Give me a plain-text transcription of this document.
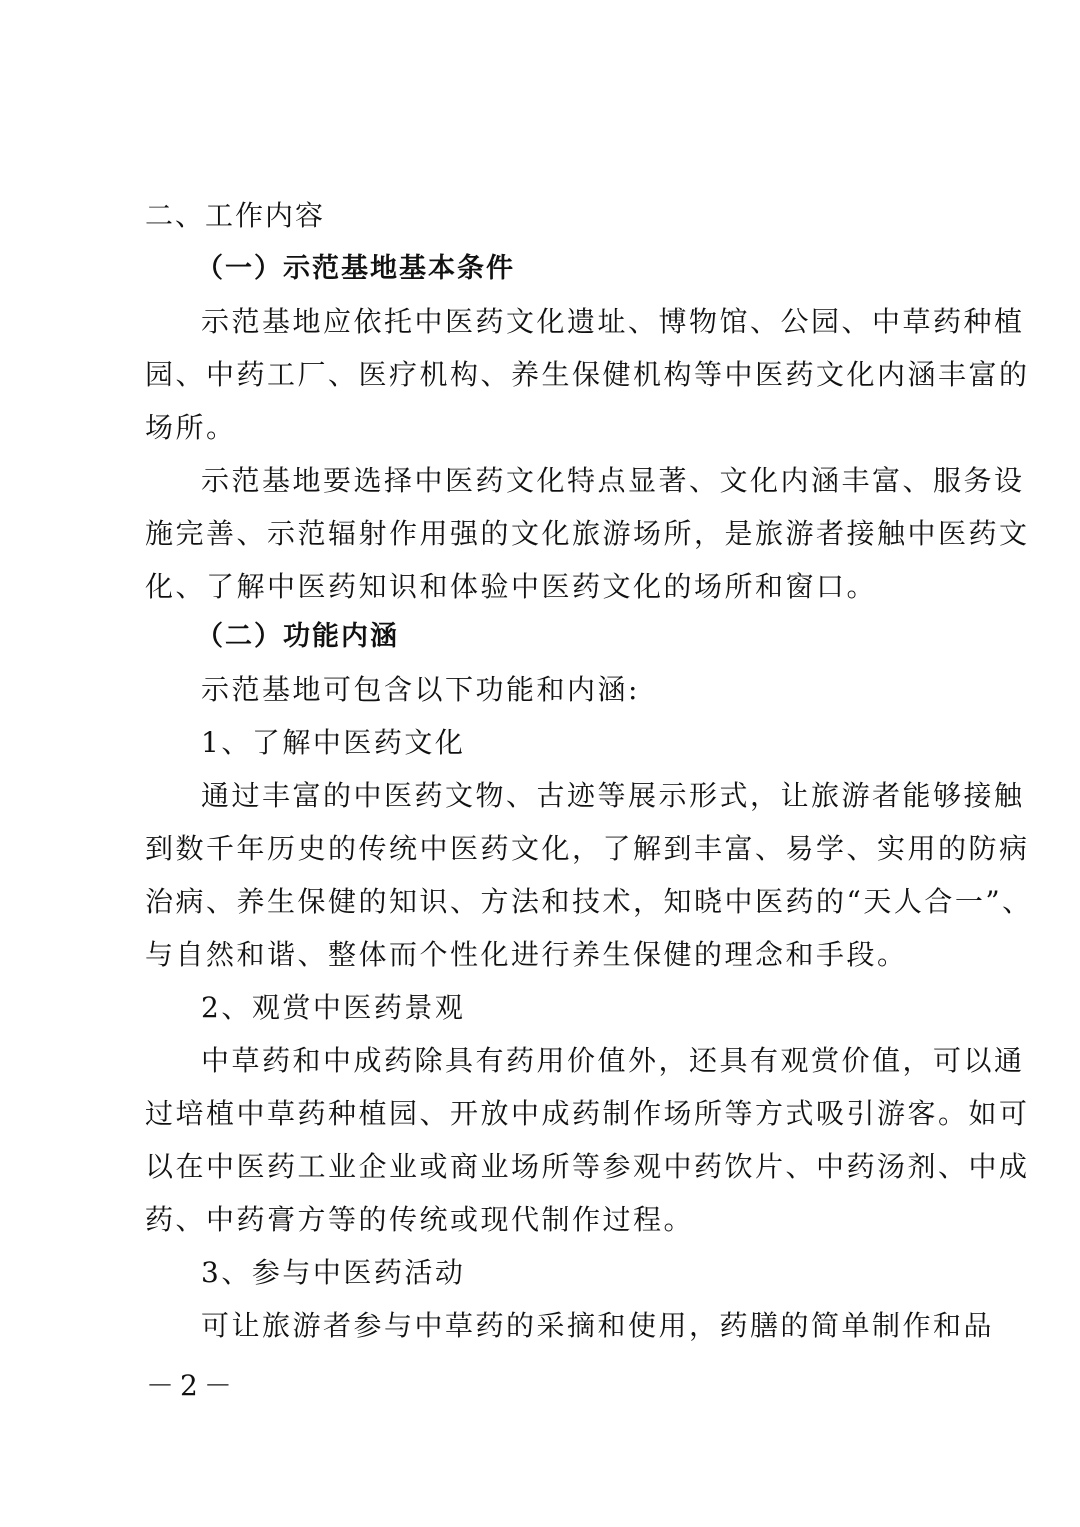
二、工作内容
（一）示范基地基本条件
示范基地应依托中医药文化遗址、博物馆、公园、中草药种植
园、中药工厂、医疗机构、养生保健机构等中医药文化内涵丰富的
场所。
示范基地要选择中医药文化特点显著、文化内涵丰富、服务设
施完善、示范辐射作用强的文化旅游场所，是旅游者接触中医药文
化、了解中医药知识和体验中医药文化的场所和窗口。
（二）功能内涵
示范基地可包含以下功能和内涵:
1、了解中医药文化
通过丰富的中医药文物、古迹等展示形式，让旅游者能够接触
到数千年历史的传统中医药文化，了解到丰富、易学、实用的防病
治病、养生保健的知识、方法和技术，知晓中医药的“天人合一”、
与自然和谐、整体而个性化进行养生保健的理念和手段。
2、观赏中医药景观
中草药和中成药除具有药用价值外，还具有观赏价值，可以通
过培植中草药种植园、开放中成药制作场所等方式吸引游客。如可
以在中医药工业企业或商业场所等参观中药饮片、中药汤剂、中成
药、中药膏方等的传统或现代制作过程。
3、参与中医药活动
可让旅游者参与中草药的采摘和使用，药膳的简单制作和品
－2－
